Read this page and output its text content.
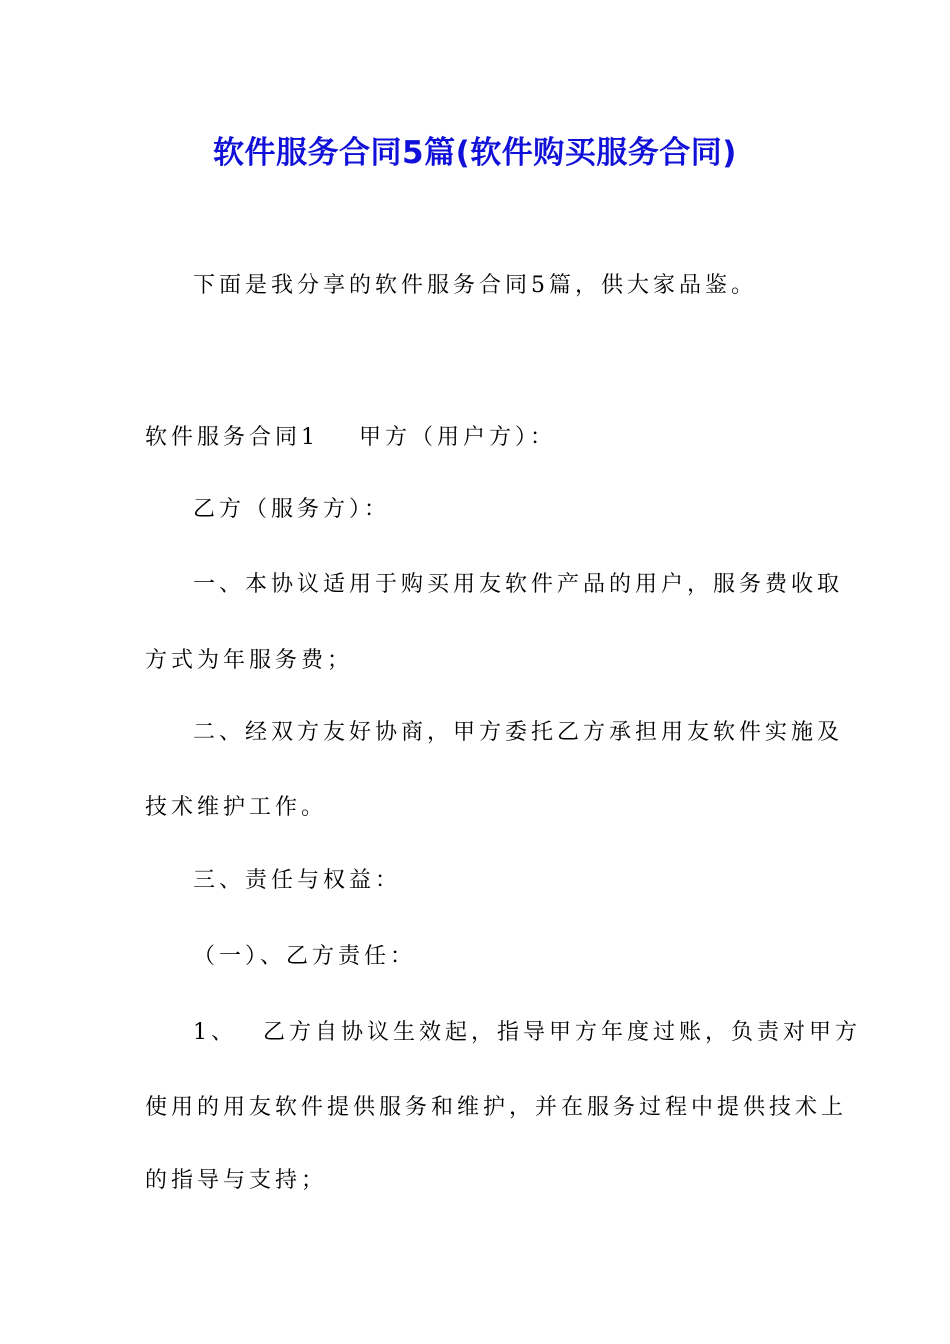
软件服务合同5篇(软件购买服务合同)
下面是我分享的软件服务合同5篇，供大家品鉴。
软件服务合同1 甲方（用户方）：
乙方（服务方）：
一、本协议适用于购买用友软件产品的用户，服务费收取
方式为年服务费；
二、经双方友好协商，甲方委托乙方承担用友软件实施及
技术维护工作。
三、责任与权益：
（一）、乙方责任：
1、 乙方自协议生效起，指导甲方年度过账，负责对甲方
使用的用友软件提供服务和维护，并在服务过程中提供技术上
的指导与支持；
